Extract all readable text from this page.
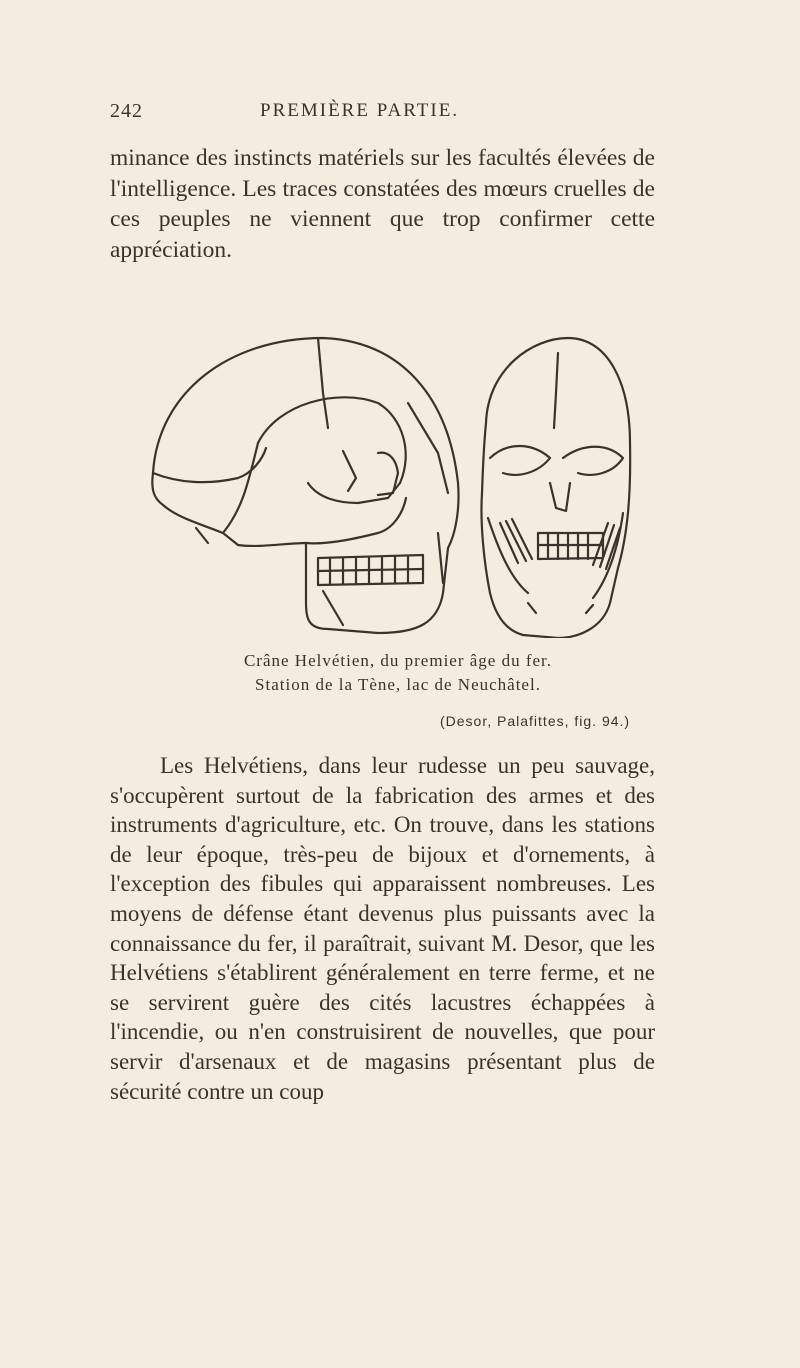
242	PREMIÈRE PARTIE.

minance des instincts matériels sur les facultés élevées de l'intelligence. Les traces constatées des mœurs cruelles de ces peuples ne viennent que trop confirmer cette appréciation.

Crâne Helvétien, du premier âge du fer.
Station de la Tène, lac de Neuchâtel.
(Desor, Palafittes, fig. 94.)

Les Helvétiens, dans leur rudesse un peu sauvage, s'occupèrent surtout de la fabrication des armes et des instruments d'agriculture, etc. On trouve, dans les stations de leur époque, très-peu de bijoux et d'ornements, à l'exception des fibules qui apparaissent nombreuses. Les moyens de défense étant devenus plus puissants avec la connaissance du fer, il paraîtrait, suivant M. Desor, que les Helvétiens s'établirent généralement en terre ferme, et ne se servirent guère des cités lacustres échappées à l'incendie, ou n'en construisirent de nouvelles, que pour servir d'arsenaux et de magasins présentant plus de sécurité contre un coup
